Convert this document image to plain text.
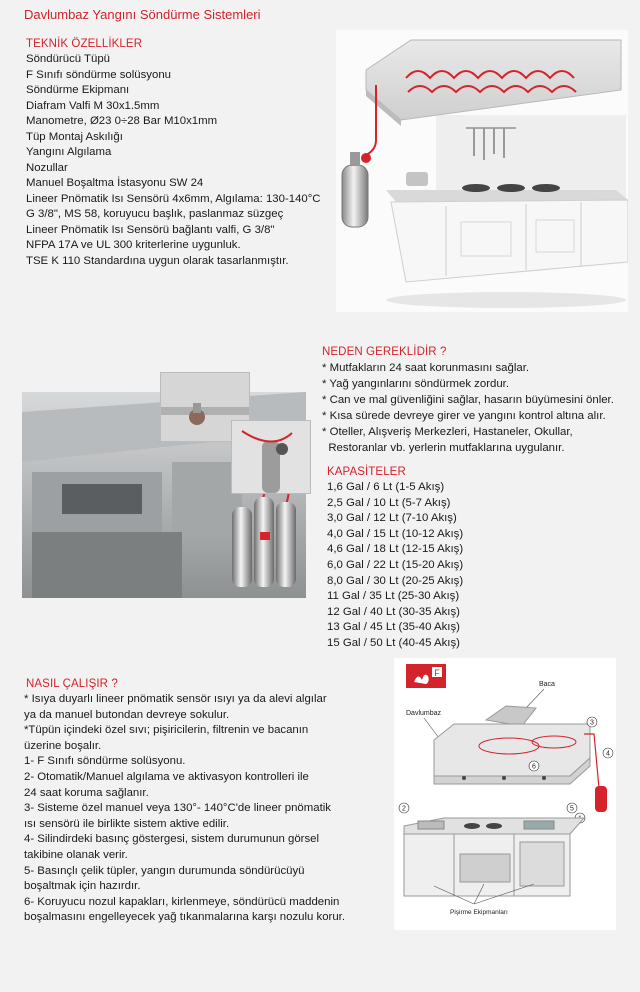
Davlumbaz Yangını Söndürme Sistemleri
TEKNİK ÖZELLİKLER
Söndürücü Tüpü
F Sınıfı söndürme solüsyonu
Söndürme Ekipmanı
Diafram Valfi M 30x1.5mm
Manometre, Ø23 0÷28 Bar M10x1mm
Tüp Montaj Askılığı
Yangını Algılama
Nozullar
Manuel Boşaltma İstasyonu SW 24
Lineer Pnömatik Isı Sensörü 4x6mm, Algılama: 130-140°C
G 3/8", MS 58, koruyucu başlık, paslanmaz süzgeç
Lineer Pnömatik Isı Sensörü bağlantı valfi, G 3/8"
NFPA 17A ve UL 300 kriterlerine uygunluk.
TSE K 110 Standardına uygun olarak tasarlanmıştır.
NEDEN GEREKLİDİR ?
* Mutfakların 24 saat korunmasını sağlar.
* Yağ yangınlarını söndürmek zordur.
* Can ve mal güvenliğini sağlar, hasarın büyümesini önler.
* Kısa sürede devreye girer ve yangını kontrol altına alır.
* Oteller, Alışveriş Merkezleri, Hastaneler, Okullar,
Restoranlar vb. yerlerin mutfaklarına uygulanır.
KAPASİTELER
1,6 Gal / 6 Lt (1-5 Akış)
2,5 Gal / 10 Lt (5-7 Akış)
3,0 Gal / 12 Lt (7-10 Akış)
4,0 Gal / 15 Lt (10-12 Akış)
4,6 Gal / 18 Lt (12-15 Akış)
6,0 Gal / 22 Lt (15-20 Akış)
8,0 Gal / 30 Lt (20-25 Akış)
11 Gal / 35 Lt (25-30 Akış)
12 Gal / 40 Lt (30-35 Akış)
13 Gal / 45 Lt (35-40 Akış)
15 Gal / 50 Lt (40-45 Akış)
NASIL ÇALIŞIR ?
* Isıya duyarlı lineer pnömatik sensör ısıyı ya da alevi algılar
ya da manuel butondan devreye sokulur.
*Tüpün içindeki özel sıvı; pişiricilerin, filtrenin ve bacanın
üzerine boşalır.
1- F Sınıfı söndürme solüsyonu.
2- Otomatik/Manuel algılama ve aktivasyon kontrolleri ile
24 saat koruma sağlanır.
3- Sisteme özel manuel veya 130°- 140°C'de lineer pnömatik
ısı sensörü ile birlikte sistem aktive edilir.
4- Silindirdeki basınç göstergesi, sistem durumunun görsel
takibine olanak verir.
5- Basınçlı çelik tüpler, yangın durumunda söndürücüyü
boşaltmak için hazırdır.
6- Koruyucu nozul kapakları, kirlenmeye, söndürücü maddenin
boşalmasını engelleyecek yağ tıkanmalarına karşı nozulu korur.
F
Baca
Davlumbaz
2
3
4
5
6
Pişirme Ekipmanları
